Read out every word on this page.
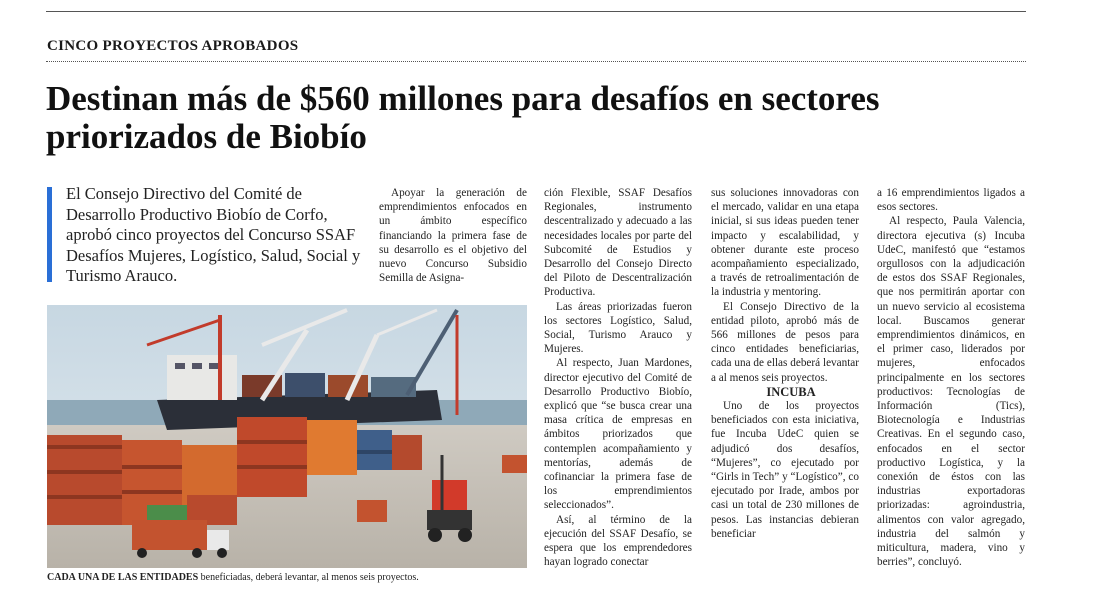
CINCO PROYECTOS APROBADOS
Destinan más de $560 millones para desafíos en sectores priorizados de Biobío

El Consejo Directivo del Comité de Desarrollo Productivo Biobío de Corfo, aprobó cinco proyectos del Concurso SSAF Desafíos Mujeres, Logístico, Salud, Social y Turismo Arauco.

CADA UNA DE LAS ENTIDADES beneficiadas, deberá levantar, al menos seis proyectos.

Apoyar la generación de emprendimientos enfocados en un ámbito específico financiando la primera fase de su desarrollo es el objetivo del nuevo Concurso Subsidio Semilla de Asigna-

ción Flexible, SSAF Desafíos Regionales, instrumento descentralizado y adecuado a las necesidades locales por parte del Subcomité de Estudios y Desarrollo del Consejo Directo del Piloto de Descentralización Productiva.

Las áreas priorizadas fueron los sectores Logístico, Salud, Social, Turismo Arauco y Mujeres.

Al respecto, Juan Mardones, director ejecutivo del Comité de Desarrollo Productivo Biobío, explicó que “se busca crear una masa crítica de empresas en ámbitos priorizados que contemplen acompañamiento y mentorías, además de cofinanciar la primera fase de los emprendimientos seleccionados”.

Así, al término de la ejecución del SSAF Desafío, se espera que los emprendedores hayan logrado conectar

sus soluciones innovadoras con el mercado, validar en una etapa inicial, si sus ideas pueden tener impacto y escalabilidad, y obtener durante este proceso acompañamiento especializado, a través de retroalimentación de la industria y mentoring.

El Consejo Directivo de la entidad piloto, aprobó más de 566 millones de pesos para cinco entidades beneficiarias, cada una de ellas deberá levantar a al menos seis proyectos.

INCUBA

Uno de los proyectos beneficiados con esta iniciativa, fue Incuba UdeC quien se adjudicó dos desafíos, “Mujeres”, co ejecutado por “Girls in Tech” y “Logístico”, co ejecutado por Irade, ambos por casi un total de 230 millones de pesos. Las instancias debieran beneficiar

a 16 emprendimientos ligados a esos sectores.

Al respecto, Paula Valencia, directora ejecutiva (s) Incuba UdeC, manifestó que “estamos orgullosos con la adjudicación de estos dos SSAF Regionales, que nos permitirán aportar con un nuevo servicio al ecosistema local. Buscamos generar emprendimientos dinámicos, en el primer caso, liderados por mujeres, enfocados principalmente en los sectores productivos: Tecnologías de Información (Tics), Biotecnología e Industrias Creativas. En el segundo caso, enfocados en el sector productivo Logística, y la conexión de éstos con las industrias exportadoras priorizadas: agroindustria, alimentos con valor agregado, industria del salmón y miticultura, madera, vino y berries”, concluyó.
